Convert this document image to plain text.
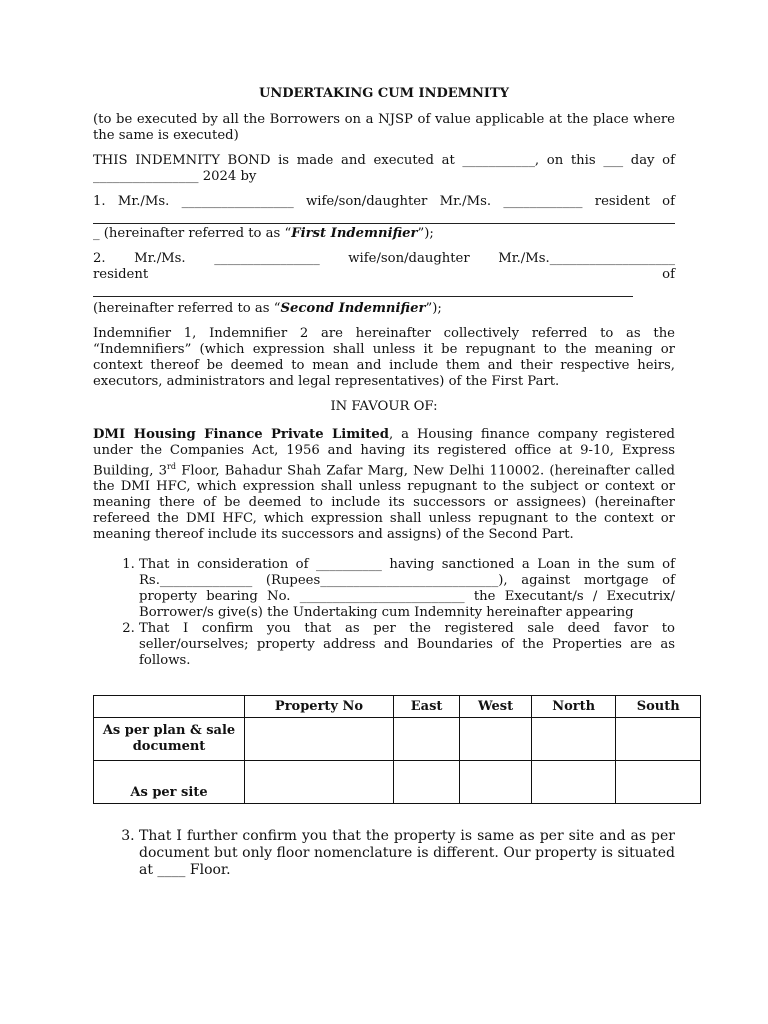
UNDERTAKING CUM INDEMNITY

(to be executed by all the Borrowers on a NJSP of value applicable at the place where the same is executed)

THIS INDEMNITY BOND is made and executed at ___________, on this ___ day of
________________ 2024 by

1. Mr./Ms. _________________ wife/son/daughter Mr./Ms. ____________ resident of
_ (hereinafter referred to as “First Indemnifier”);
2. Mr./Ms. ________________ wife/son/daughter Mr./Ms.___________________
resident	of
(hereinafter referred to as “Second Indemnifier”);

Indemnifier 1, Indemnifier 2 are hereinafter collectively referred to as the “Indemnifiers” (which expression shall unless it be repugnant to the meaning or context thereof be deemed to mean and include them and their respective heirs, executors, administrators and legal representatives) of the First Part.

IN FAVOUR OF:

DMI Housing Finance Private Limited, a Housing finance company registered under the Companies Act, 1956 and having its registered office at 9-10, Express Building, 3rd Floor, Bahadur Shah Zafar Marg, New Delhi 110002. (hereinafter called the DMI HFC, which expression shall unless repugnant to the subject or context or meaning there of be deemed to include its successors or assignees) (hereinafter refereed the DMI HFC, which expression shall unless repugnant to the context or meaning thereof include its successors and assigns) of the Second Part.

1. That in consideration of __________ having sanctioned a Loan in the sum of Rs.______________ (Rupees___________________________), against mortgage of property bearing No. _________________________ the Executant/s / Executrix/ Borrower/s give(s) the Undertaking cum Indemnity hereinafter appearing
2. That I confirm you that as per the registered sale deed favor to seller/ourselves; property address and Boundaries of the Properties are as follows.
	Property No	East	West	North	South
As per plan & sale document					
As per site					
3. That I further confirm you that the property is same as per site and as per document but only floor nomenclature is different. Our property is situated at ____ Floor.
